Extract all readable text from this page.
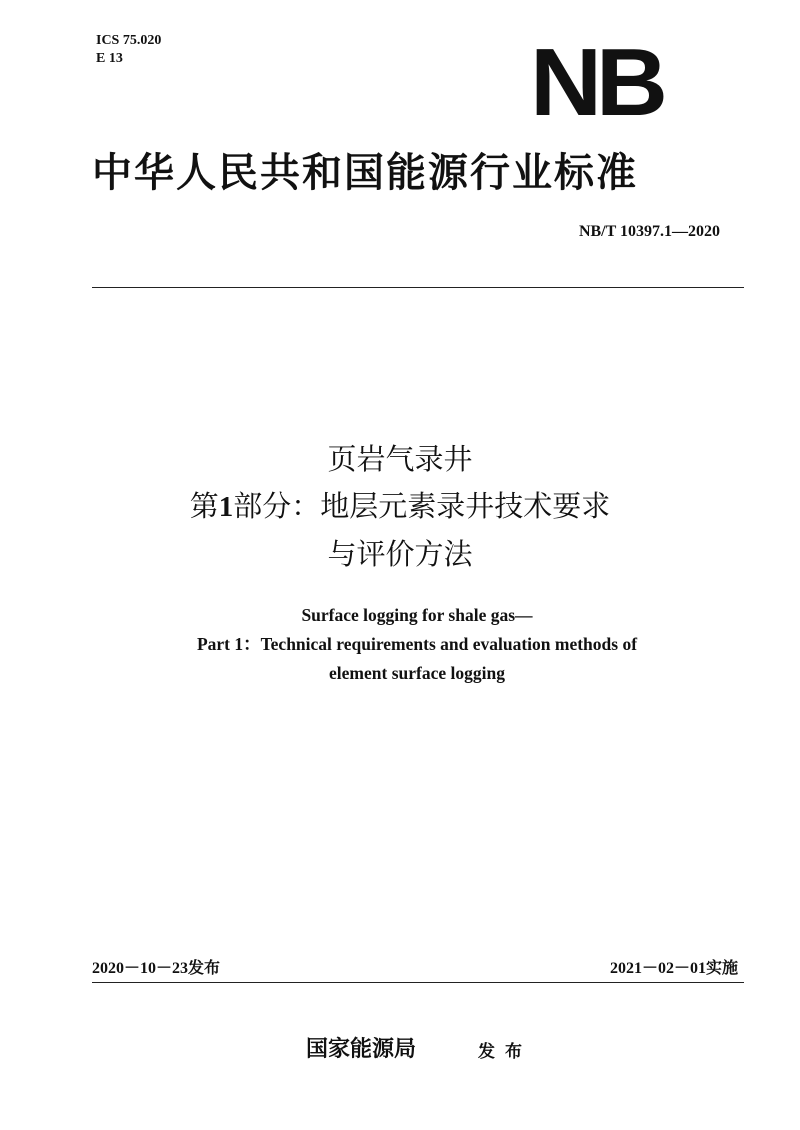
ICS 75.020
E 13	NB
中华人民共和国能源行业标准
NB/T 10397.1—2020
页岩气录井
第1部分：地层元素录井技术要求
与评价方法
Surface logging for shale gas—
Part 1：Technical requirements and evaluation methods of
element surface logging
2020－10－23发布	2021－02－01实施
国家能源局	发布
